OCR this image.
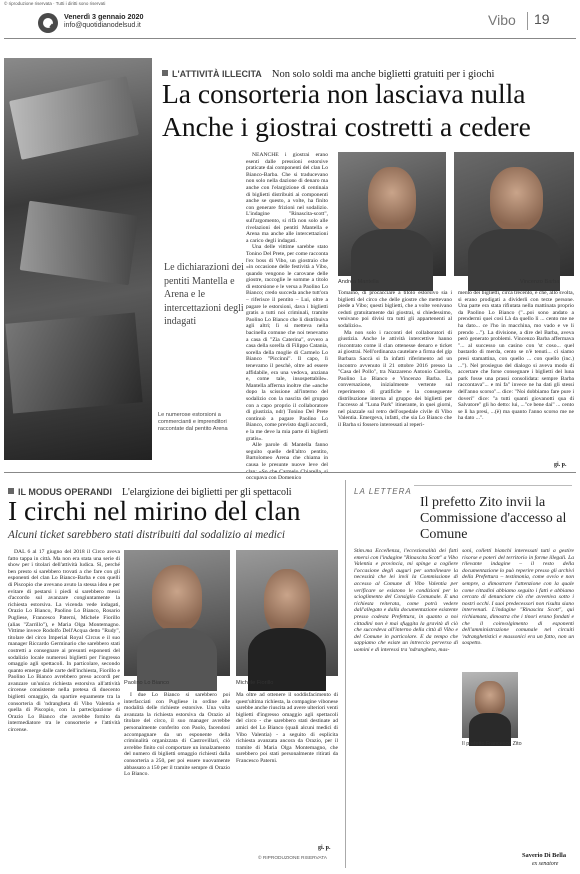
© riproduzione riservata · Tutti i diritti sono riservati
Venerdì 3 gennaio 2020
info@quotidianodelsud.it	Vibo 19
L'ATTIVITÀ ILLECITA Non solo soldi ma anche biglietti gratuiti per i giochi
La consorteria non lasciava nulla
Anche i giostrai costretti a cedere
Le dichiarazioni dei pentiti Mantella e Arena e le intercettazioni degli indagati
Le numerose estorsioni a commercianti e imprenditori raccontate dal pentito Arena

NEANCHE i giostrai erano esenti dalle pressioni estorsive praticate dai componenti del clan Lo Bianco-Barba. Che si traducevano non solo nella dazione di denaro ma anche con l'elargizione di centinaia di biglietti distribuiti ai componenti anche se questo, a volte, ha finito con generare frizioni nel sodalizio. L'indagine "Rinascita-scott", sull'argomento, si rifà non solo alle rivelazioni dei pentiti Mantella e Arena ma anche alle intercettazioni a carico degli indagati.

Una delle vittime sarebbe stato Tonino Del Prete, per come racconta l'ex boss di Vibo, un giostraio che «in occasione delle festività a Vibo, quando vengono le carovane delle giostre, raccoglie le somme a titolo di estorsione e le versa a Paolino Lo Bianco; credo succeda anche tutt'ora – riferisce il pentito – Lui, oltre a pagare le estorsioni, dava i biglietti gratis a tutti noi criminali, tramite Paolino Lo Bianco che li distribuiva agli altri; lì si metteva nella bacinella comune che noi tenevamo a casa di "Zia Caterina", ovvero a casa della sorella di Filippo Catania, sorella della moglie di Carmelo Lo Bianco "Piccinni". Il capo, lì tenevamo il peschè, oltre ad essere affidabile, era una vedova, anziana e, come tale, insospettabile». Mantella afferma inoltre che «anche dopo la scissione all'interno del sodalizio con la nascita del gruppo con a capo proprio il collaboratore di giustizia, ndr) Tonino Del Prete continuò a pagare Paolino Lo Bianco, come previsto dagli accordi, e la me deve la mia parte di biglietti gratis».

Alle parole di Mantella fanno seguito quelle dell'altro pentito, Bartolomeo Arena che chiama in causa le presunte nuove leve del occupava con Domenico

Andrea Mantella	Vincenzo Barba

Tomaino, di procacciare a titolo estorsivo sia i biglietti del circo che delle giostre che mettevano piede a Vibo; questi biglietti, che a volte venivano ceduti gratuitamente dai giostrai, si chiedessimo, venivano poi divisi tra tutti gli appartenenti al sodalizio».

Ma non solo i racconti del collaboratori di giustizia. Anche le attività intercettive hanno riscontrato come il clan ottenesse denaro e ticket ai giostrai. Nell'ordinanza cautelare a firma del gip Barbara Saccà si fa infatti riferimento ad un incontro avvenuto il 21 ottobre 2016 presso la "Casa del Pollo", tra Nazzareno Antonio Curello, Paolino Lo Bianco e Vincenzo Barba. La conversazione, inizialmente vertente sul reperimento di gratifiche e la conseguente distribuzione interna al gruppo dei biglietti per l'accesso al "Luna Park" itinerante, in quei giorni, nel piazzale sul retro dell'ospedale civile di Vibo Valentia. Emergeva, infatti, che sia Lo Bianco che il Barba si fossero interessati al reperi-

mento dei biglietti, circa trecento, e che, allo svolta, si erano prodigati a dividerli con terze persone. Una parte era stata rifiutata nella mattinata proprio da Paolino Lo Bianco ("...poi sono andato a prendermi quei così Là da quello lì ... cento me ne ha dato... ce l'ho in macchina, mo vado e ve li prendo ..."). La divisione, a dire del Barba, aveva però generato problemi. Vincenzo Barba affermava "... al successo un casino con 'st coso... quel bastardo di merda, cento se n'è tenuti... ci siamo presi stamattina, con quello ... con quello (inc.) ..."). Nel prosieguo del dialogo si aveva modo di accertare che forse consegnare i biglietti del luna park fosse una prassi consolidata: sempre Barba raccontava"... e mi fa" invece ne ha dati gli stessi dell'anno scorso"... dice: "Noi dobbiamo fare pure i doveri" dice: "a tutti quanti giovanotti qua di Salvatore" gli ho detto: lui, ..."ce bene dai" ... cento se li ha presi, ...(è) ma quanto l'anno scorso me ne ha dato ...".

gi. p.
IL MODUS OPERANDI L'elargizione dei biglietti per gli spettacoli
I circhi nel mirino del clan
Alcuni ticket sarebbero stati distribuiti dal sodalizio ai medici

DAL 6 al 17 giugno del 2018 il Circo aveva fatto tappa in città. Ma non era stata una serie di show per i titolari dell'attività ludica. Sì, perché ben presto si sarebbero trovati a che fare con gli esponenti del clan Lo Bianco-Barba e con quelli di Piscopio che avevano avuto la stessa idea e per evitare di pestarsi i piedi si sarebbero messi d'accordo sul avanzare congiuntamente la richiesta estorsiva. La vicenda vede indagati, Orazio Lo Bianco, Paolino Lo Bianco, Rosario Pugliese, Francesco Paterni, Michele Fiorillo (alias "Zarrillo"), e Maria Olga Montemagno. Vittime invece Rodolfo Dell'Acqua detto "Rudy", titolare del circo Imperial Royal Circus e il suo manager Riccardo Germinario che sarebbero stati costretti a consegnare ai presunti esponenti del sodalizio locale numerosi biglietti per l'ingresso omaggio agli spettacoli. In particolare, secondo quanto emerge dalle carte dell'inchiesta, Fiorillo e Paolino Lo Bianco avrebbero preso accordi per avanzare un'unica richiesta estorsiva all'attività circense consistente nella pretesa di duecento biglietti omaggio, da spartire equamente tra la consorteria di 'ndrangheta di Vibo Valentia e quella di Piscopio, con la partecipazione di Orazio Lo Bianco che avrebbe fornito da intermediatore tra le consorterie e l'attività circense.

Paolino Lo Bianco	Michele Fiorillo

I due Lo Bianco si sarebbero poi interfacciati con Pugliese in ordine alle modalità delle richieste estorsive. Una volta avanzata la richiesta estorsiva da Orazio al titolare del circo, il suo manager avrebbe personalmente conferito con Paolo, facendosi accompagnare da un esponente della criminalità organizzata di Castrovillari, ciò avrebbe finito col comportare un innalzamento del numero di biglietti omaggio richiesti dalla consorteria a 250, per poi essere nuovamente abbassato a 150 per il tramite sempre di Orazio Lo Bianco.

Ma oltre ad ottenere il soddisfacimento di quest'ultima richiesta, la compagine vibonese sarebbe anche riuscita ad avere ulteriori venti biglietti d'ingresso omaggio agli spettacoli del circo - che sarebbero stati destinate ad amici del Lo Bianco (quali alcuni medici di Vibo Valentia) - a seguito di esplicita richiesta avanzata ancora da Orazio, per il tramite di Maria Olga Montemagno, che sarebbero poi stati personalmente ritirati da Francesco Paterni.

gi. p.
© RIPRODUZIONE RISERVATA
LA LETTERA
Il prefetto Zito invii la Commissione d'accesso al Comune

Stim.ma Eccellenza, l'eccezionalità dei fatti emersi con l'indagine "Rinascita Scott" a Vibo Valentia e provincia, mi spinge a cogliere l'occasione degli auguri per sottolineare la necessità che lei invii la Commissione di accesso al Comune di Vibo Valentia per verificare se esistono le condizioni per lo scioglimento del Consiglio Comunale. E una richiesta reiterata, come potrà vedere dall'allegato e dalla documentazione esistente presso codesta Prefettura, in quanto a noi cittadini non è mai sfuggita la gravità di ciò che succedeva all'interno della città di Vibo e del Comune in particolare. E da tempo che sappiamo che esiste un intreccio perverso di uomini e di interessi tra 'ndrangheta, mas-

Il prefetto Francesco Zito

soni, colletti bianchi interessati tutti a gestire risorse e poteri del territorio in forme illegali. La rilevante indagine – il resto della documentazione lo può reperire presso gli archivi della Prefettura – testimonia, come ovvio e non sempre, a dimostrare l'attenzione con la quale come cittadini abbiamo seguito i fatti e abbiamo cercato di denunciare ciò che avveniva sotto i nostri occhi. I suoi predecessori non risulta siano intervenuti. L'indagine "Rinascita Scott", qui richiamata, dimostra che i tinori erano fondati e che il coinvolgimento di esponenti dell'amministrazione comunale nel circuiti 'ndranghetistici e massonici era un fatto, non un sospetto.

Saverio Di Bella
ex senatore
